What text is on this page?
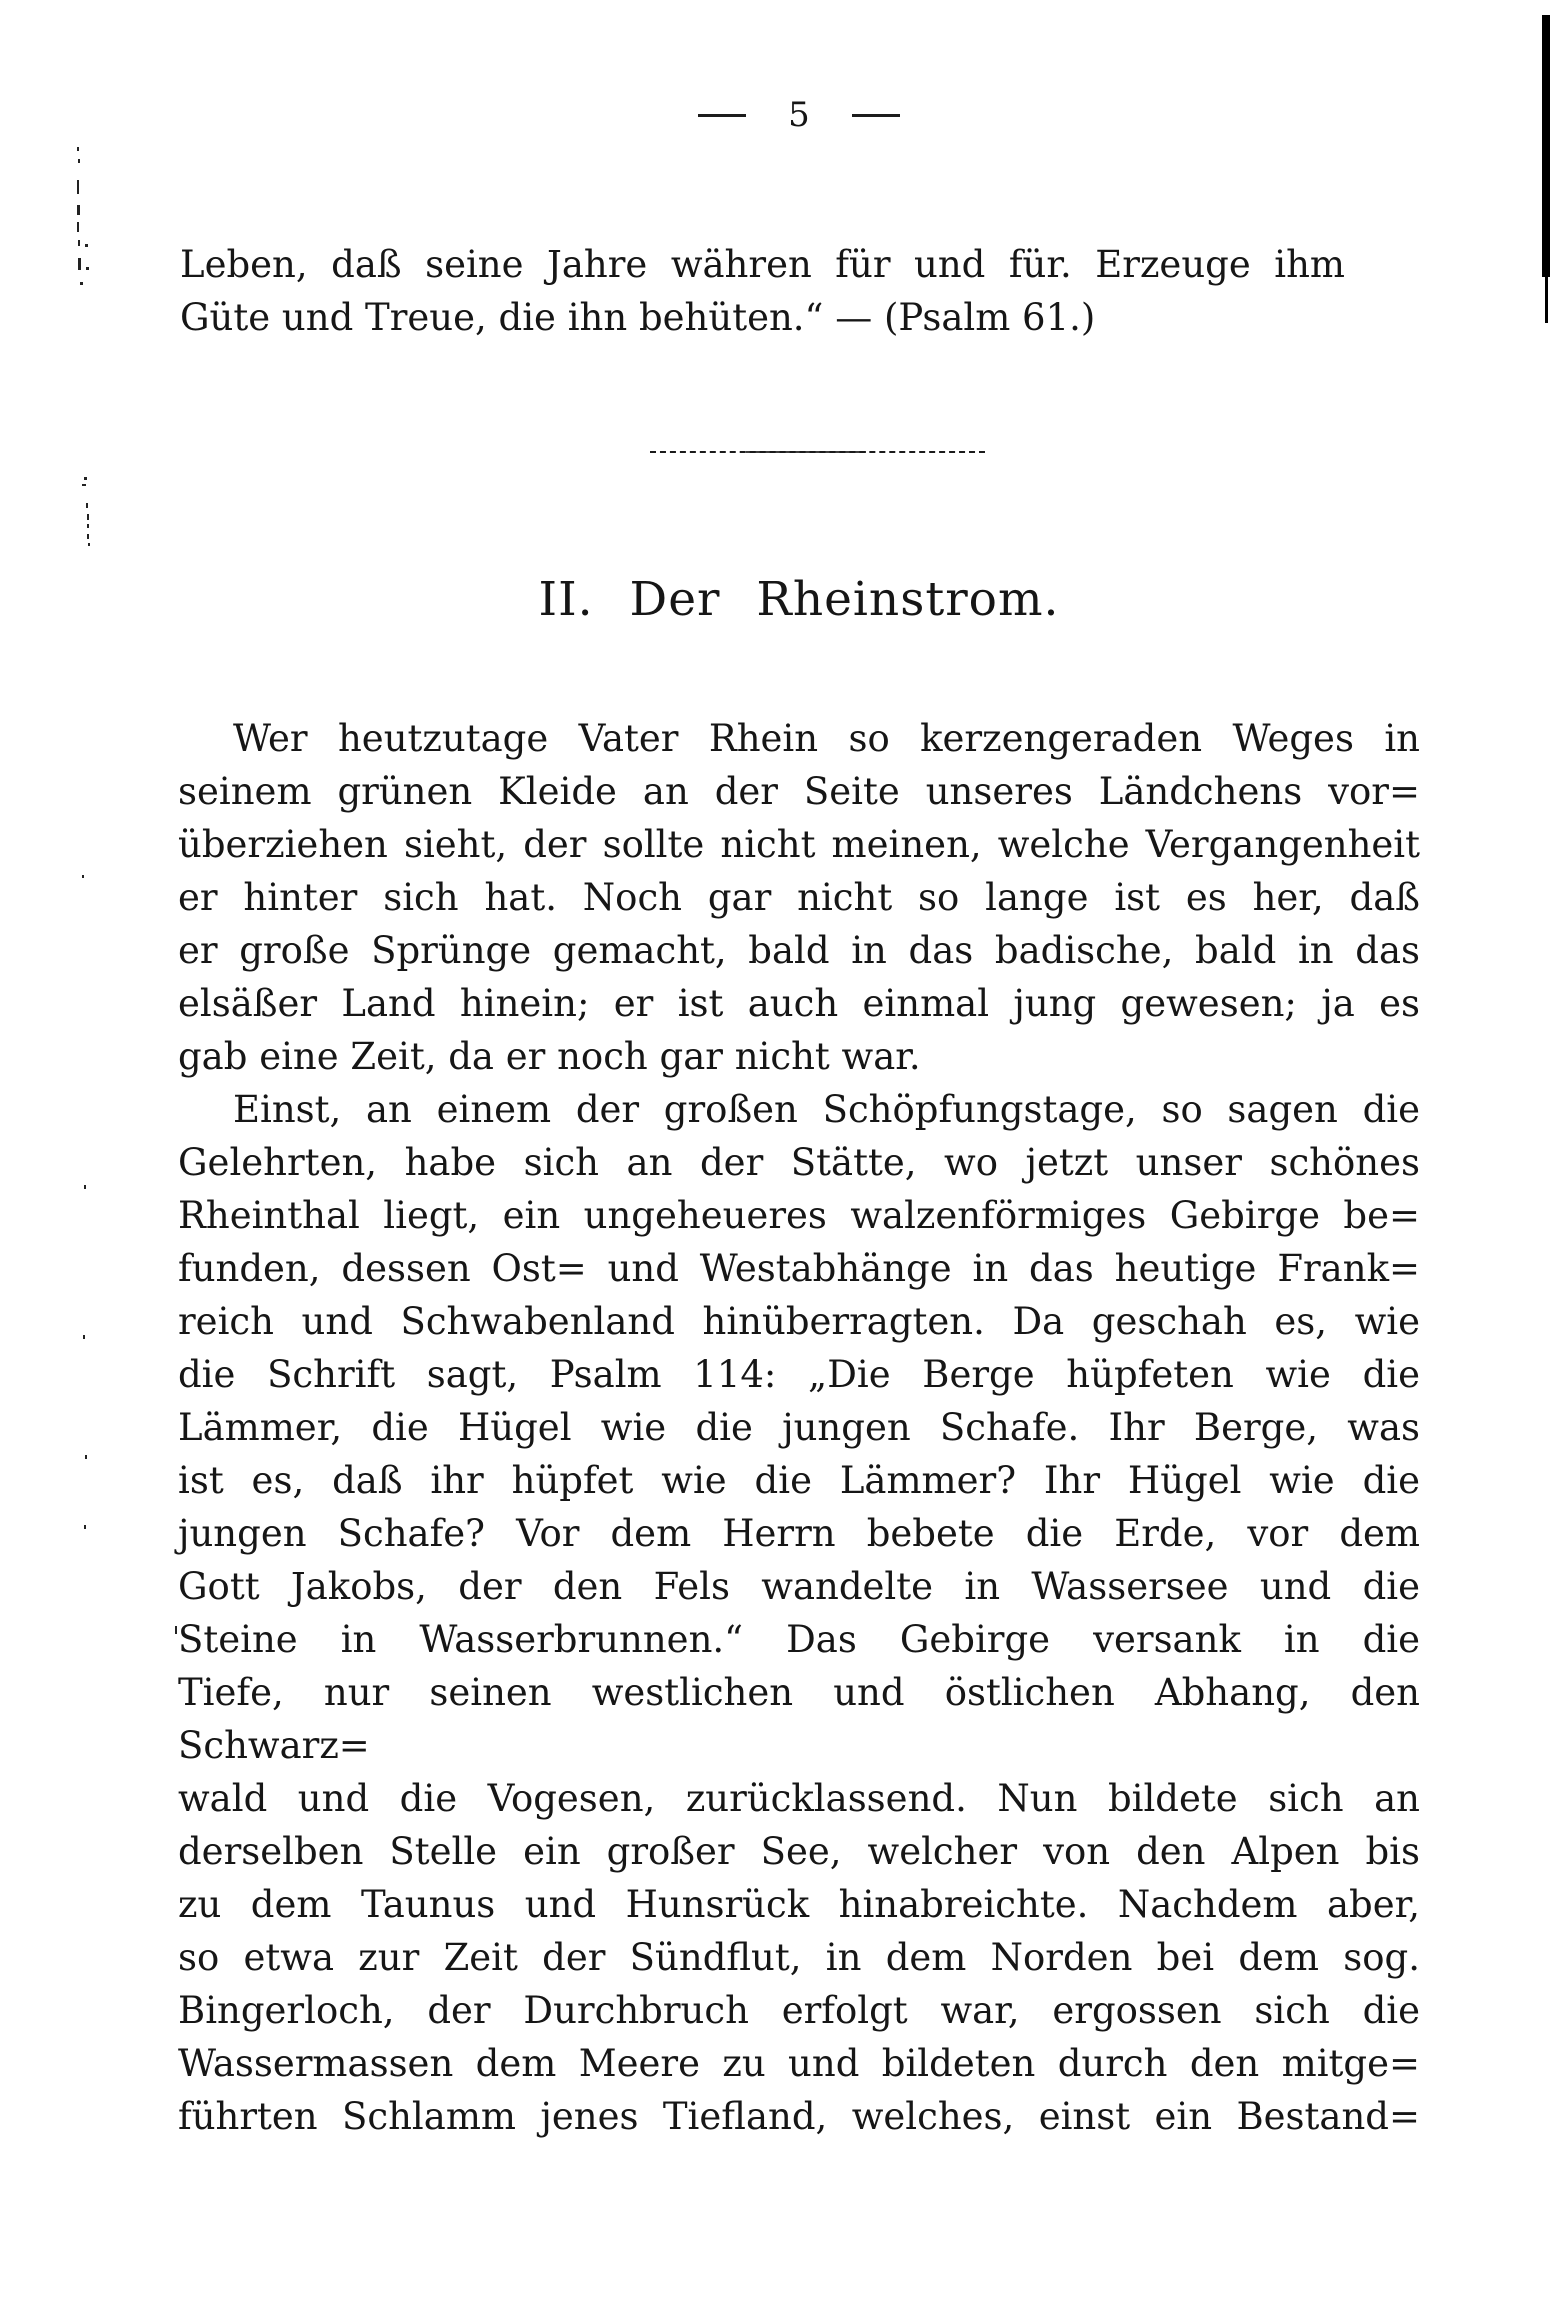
5
Leben, daß seine Jahre währen für und für. Erzeuge ihm
Güte und Treue, die ihn behüten.“ — (Psalm 61.)
II. Der Rheinstrom.
Wer heutzutage Vater Rhein so kerzengeraden Weges in
seinem grünen Kleide an der Seite unseres Ländchens vor=
überziehen sieht, der sollte nicht meinen, welche Vergangenheit
er hinter sich hat. Noch gar nicht so lange ist es her, daß
er große Sprünge gemacht, bald in das badische, bald in das
elsäßer Land hinein; er ist auch einmal jung gewesen; ja es
gab eine Zeit, da er noch gar nicht war.
Einst, an einem der großen Schöpfungstage, so sagen die
Gelehrten, habe sich an der Stätte, wo jetzt unser schönes
Rheinthal liegt, ein ungeheueres walzenförmiges Gebirge be=
funden, dessen Ost= und Westabhänge in das heutige Frank=
reich und Schwabenland hinüberragten. Da geschah es, wie
die Schrift sagt, Psalm 114: „Die Berge hüpfeten wie die
Lämmer, die Hügel wie die jungen Schafe. Ihr Berge, was
ist es, daß ihr hüpfet wie die Lämmer? Ihr Hügel wie die
jungen Schafe? Vor dem Herrn bebete die Erde, vor dem
Gott Jakobs, der den Fels wandelte in Wassersee und die
Steine in Wasserbrunnen.“ Das Gebirge versank in die
Tiefe, nur seinen westlichen und östlichen Abhang, den Schwarz=
wald und die Vogesen, zurücklassend. Nun bildete sich an
derselben Stelle ein großer See, welcher von den Alpen bis
zu dem Taunus und Hunsrück hinabreichte. Nachdem aber,
so etwa zur Zeit der Sündflut, in dem Norden bei dem sog.
Bingerloch, der Durchbruch erfolgt war, ergossen sich die
Wassermassen dem Meere zu und bildeten durch den mitge=
führten Schlamm jenes Tiefland, welches, einst ein Bestand=
